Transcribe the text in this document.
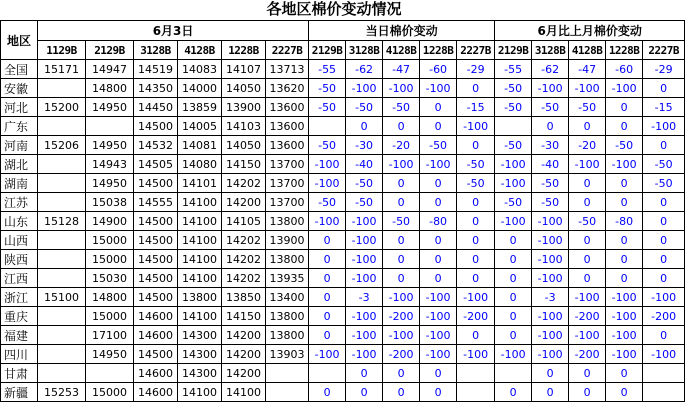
各地区棉价变动情况
地区	6月3日						当日棉价变动					6月比上月棉价变动				
	1129B	2129B	3128B	4128B	1228B	2227B	2129B	3128B	4128B	1228B	2227B	2129B	3128B	4128B	1228B	2227B
全国	15171	14947	14519	14083	14107	13713	-55	-62	-47	-60	-29	-55	-62	-47	-60	-29
安徽		14800	14350	14000	14050	13620	-50	-100	-100	-100	0	-50	-100	-100	-100	0
河北	15200	14950	14450	13859	13900	13600	-50	-50	-50	0	-15	-50	-50	-50	0	-15
广东			14500	14005	14103	13600		0	0	0	-100		0	0	0	-100
河南	15206	14950	14532	14081	14050	13600	-50	-30	-20	-50	0	-50	-30	-20	-50	0
湖北		14943	14505	14080	14150	13700	-100	-40	-100	-100	-50	-100	-40	-100	-100	-50
湖南		14950	14500	14101	14202	13700	-100	-50	0	0	-50	-100	-50	0	0	-50
江苏		15038	14555	14100	14200	13700	-50	-50	0	0	0	-50	-50	0	0	0
山东	15128	14900	14500	14100	14105	13800	-100	-100	-50	-80	0	-100	-100	-50	-80	0
山西		15000	14500	14100	14202	13900	0	-100	0	0	0	0	-100	0	0	0
陕西		15000	14500	14100	14202	13800	0	-100	0	0	0	0	-100	0	0	0
江西		15030	14500	14100	14202	13935	0	-100	0	0	0	0	-100	0	0	0
浙江	15100	14800	14500	13800	13850	13400	0	-3	-100	-100	-100	0	-3	-100	-100	-100
重庆		15000	14600	14100	14150	13800	0	-100	-200	-100	-200	0	-100	-200	-100	-200
福建		17100	14600	14300	14200	13800	0	-100	-100	-100	0	0	-100	-100	-100	0
四川		14950	14500	14300	14200	13903	-100	-100	-200	-100	-100	-100	-100	-200	-100	-100
甘肃			14600	14300	14200			0	0	0			0	0	0	
新疆	15253	15000	14600	14100	14100		0	0	0	0		0	0	0	0	
